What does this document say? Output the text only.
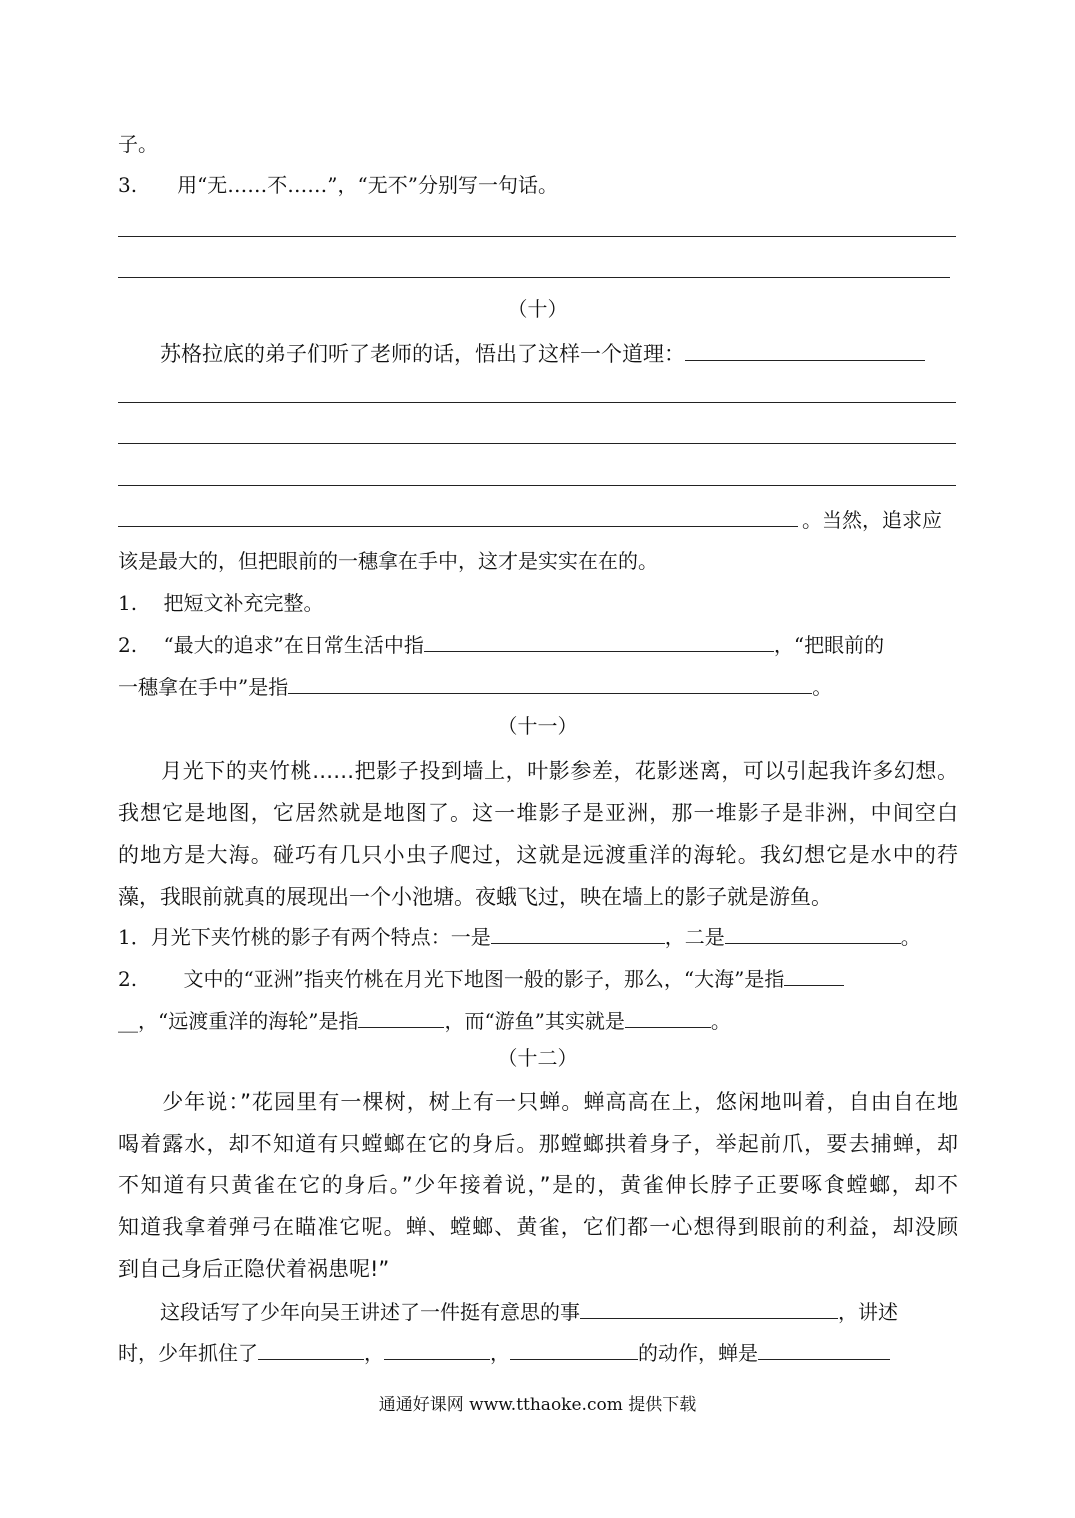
子。
3.　　用“无……不……”，“无不”分别写一句话。
（十）
苏格拉底的弟子们听了老师的话，悟出了这样一个道理：
。当然，追求应
该是最大的，但把眼前的一穗拿在手中，这才是实实在在的。
1.　 把短文补充完整。
2.　 “最大的追求”在日常生活中指	，“把眼前的
一穗拿在手中”是指	。
（十一）
　　月光下的夹竹桃……把影子投到墙上，叶影参差，花影迷离，可以引起我许多幻想。
我想它是地图，它居然就是地图了。这一堆影子是亚洲，那一堆影子是非洲，中间空白
的地方是大海。碰巧有几只小虫子爬过，这就是远渡重洋的海轮。我幻想它是水中的荇
藻，我眼前就真的展现出一个小池塘。夜蛾飞过，映在墙上的影子就是游鱼。
1．月光下夹竹桃的影子有两个特点：一是	，二是	。
2.　　 文中的“亚洲”指夹竹桃在月光下地图一般的影子，那么，“大海”是指
__，“远渡重洋的海轮”是指	，而“游鱼”其实就是	。
（十二）
　　少年说：”花园里有一棵树，树上有一只蝉。蝉高高在上，悠闲地叫着，自由自在地
喝着露水，却不知道有只螳螂在它的身后。那螳螂拱着身子，举起前爪，要去捕蝉，却
不知道有只黄雀在它的身后。”少年接着说，”是的，黄雀伸长脖子正要啄食螳螂，却不
知道我拿着弹弓在瞄准它呢。蝉、螳螂、黄雀，它们都一心想得到眼前的利益，却没顾
到自己身后正隐伏着祸患呢!”
　这段话写了少年向吴王讲述了一件挺有意思的事	，讲述
时，少年抓住了	，	，	的动作，蝉是
通通好课网 www.tthaoke.com 提供下载
